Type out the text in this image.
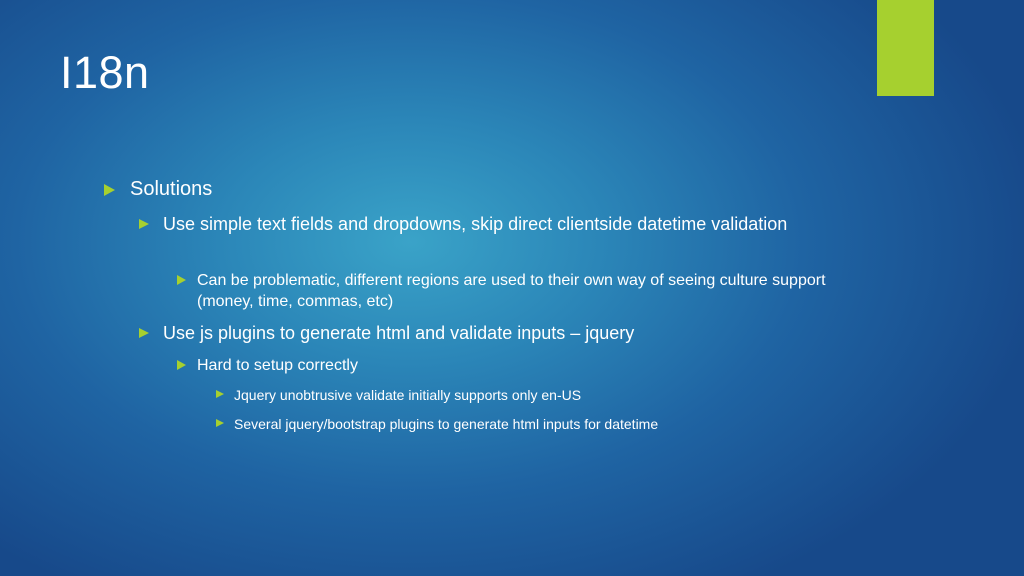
I18n
Solutions
Use simple text fields and dropdowns, skip direct clientside datetime validation
Can be problematic, different regions are used to their own way of seeing culture support (money, time, commas, etc)
Use js plugins to generate html and validate inputs – jquery
Hard to setup correctly
Jquery unobtrusive validate initially supports only en-US
Several jquery/bootstrap plugins to generate html inputs for datetime
